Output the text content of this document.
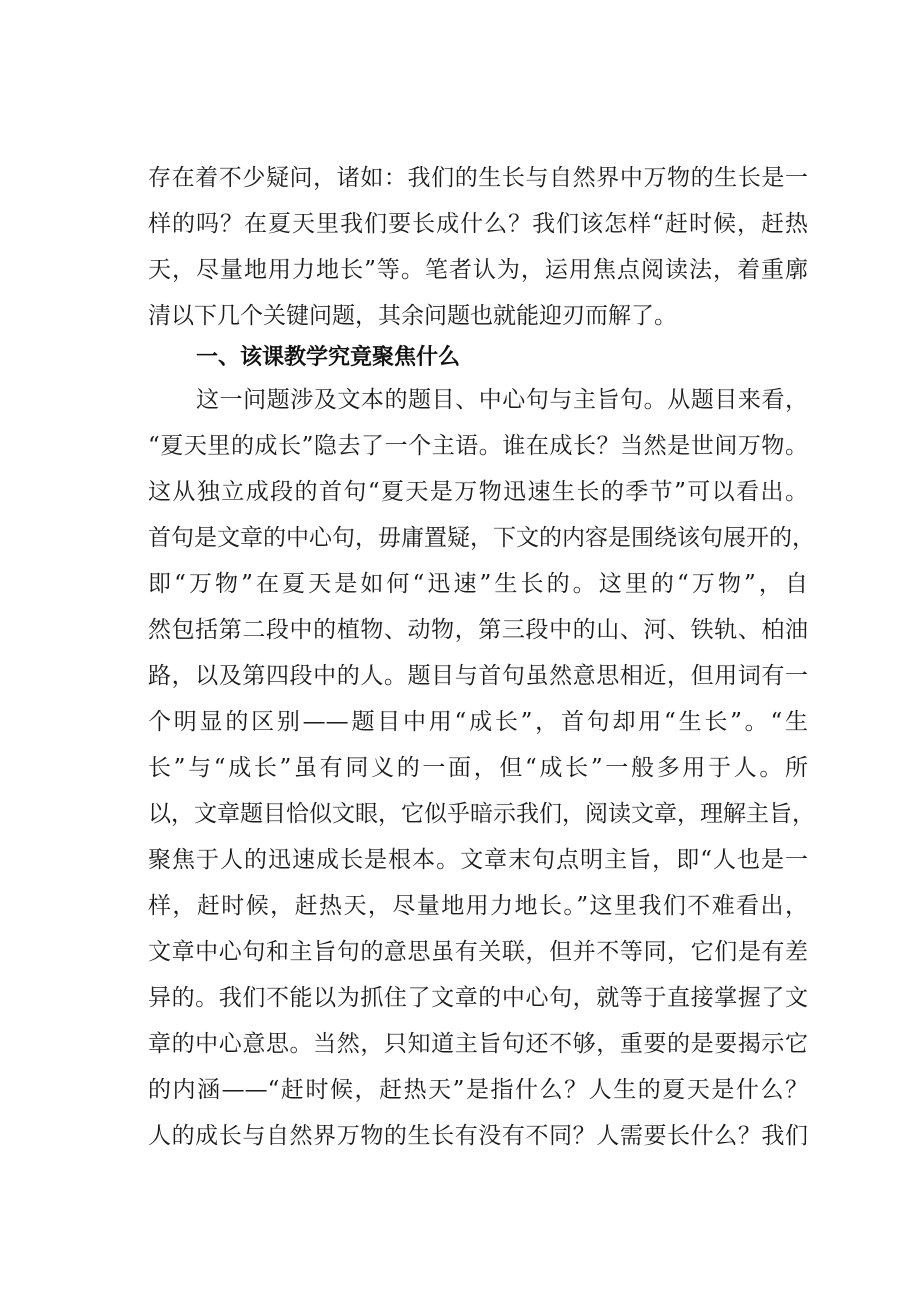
存在着不少疑问，诸如：我们的生长与自然界中万物的生长是一
样的吗？在夏天里我们要长成什么？我们该怎样“赶时候，赶热
天，尽量地用力地长”等。笔者认为，运用焦点阅读法，着重廓
清以下几个关键问题，其余问题也就能迎刃而解了。
一、该课教学究竟聚焦什么
这一问题涉及文本的题目、中心句与主旨句。从题目来看，
“夏天里的成长”隐去了一个主语。谁在成长？当然是世间万物。
这从独立成段的首句“夏天是万物迅速生长的季节”可以看出。
首句是文章的中心句，毋庸置疑，下文的内容是围绕该句展开的，
即“万物”在夏天是如何“迅速”生长的。这里的“万物”，自
然包括第二段中的植物、动物，第三段中的山、河、铁轨、柏油
路，以及第四段中的人。题目与首句虽然意思相近，但用词有一
个明显的区别——题目中用“成长”，首句却用“生长”。“生
长”与“成长”虽有同义的一面，但“成长”一般多用于人。所
以，文章题目恰似文眼，它似乎暗示我们，阅读文章，理解主旨，
聚焦于人的迅速成长是根本。文章末句点明主旨，即“人也是一
样，赶时候，赶热天，尽量地用力地长。”这里我们不难看出，
文章中心句和主旨句的意思虽有关联，但并不等同，它们是有差
异的。我们不能以为抓住了文章的中心句，就等于直接掌握了文
章的中心意思。当然，只知道主旨句还不够，重要的是要揭示它
的内涵——“赶时候，赶热天”是指什么？人生的夏天是什么？
人的成长与自然界万物的生长有没有不同？人需要长什么？我们
